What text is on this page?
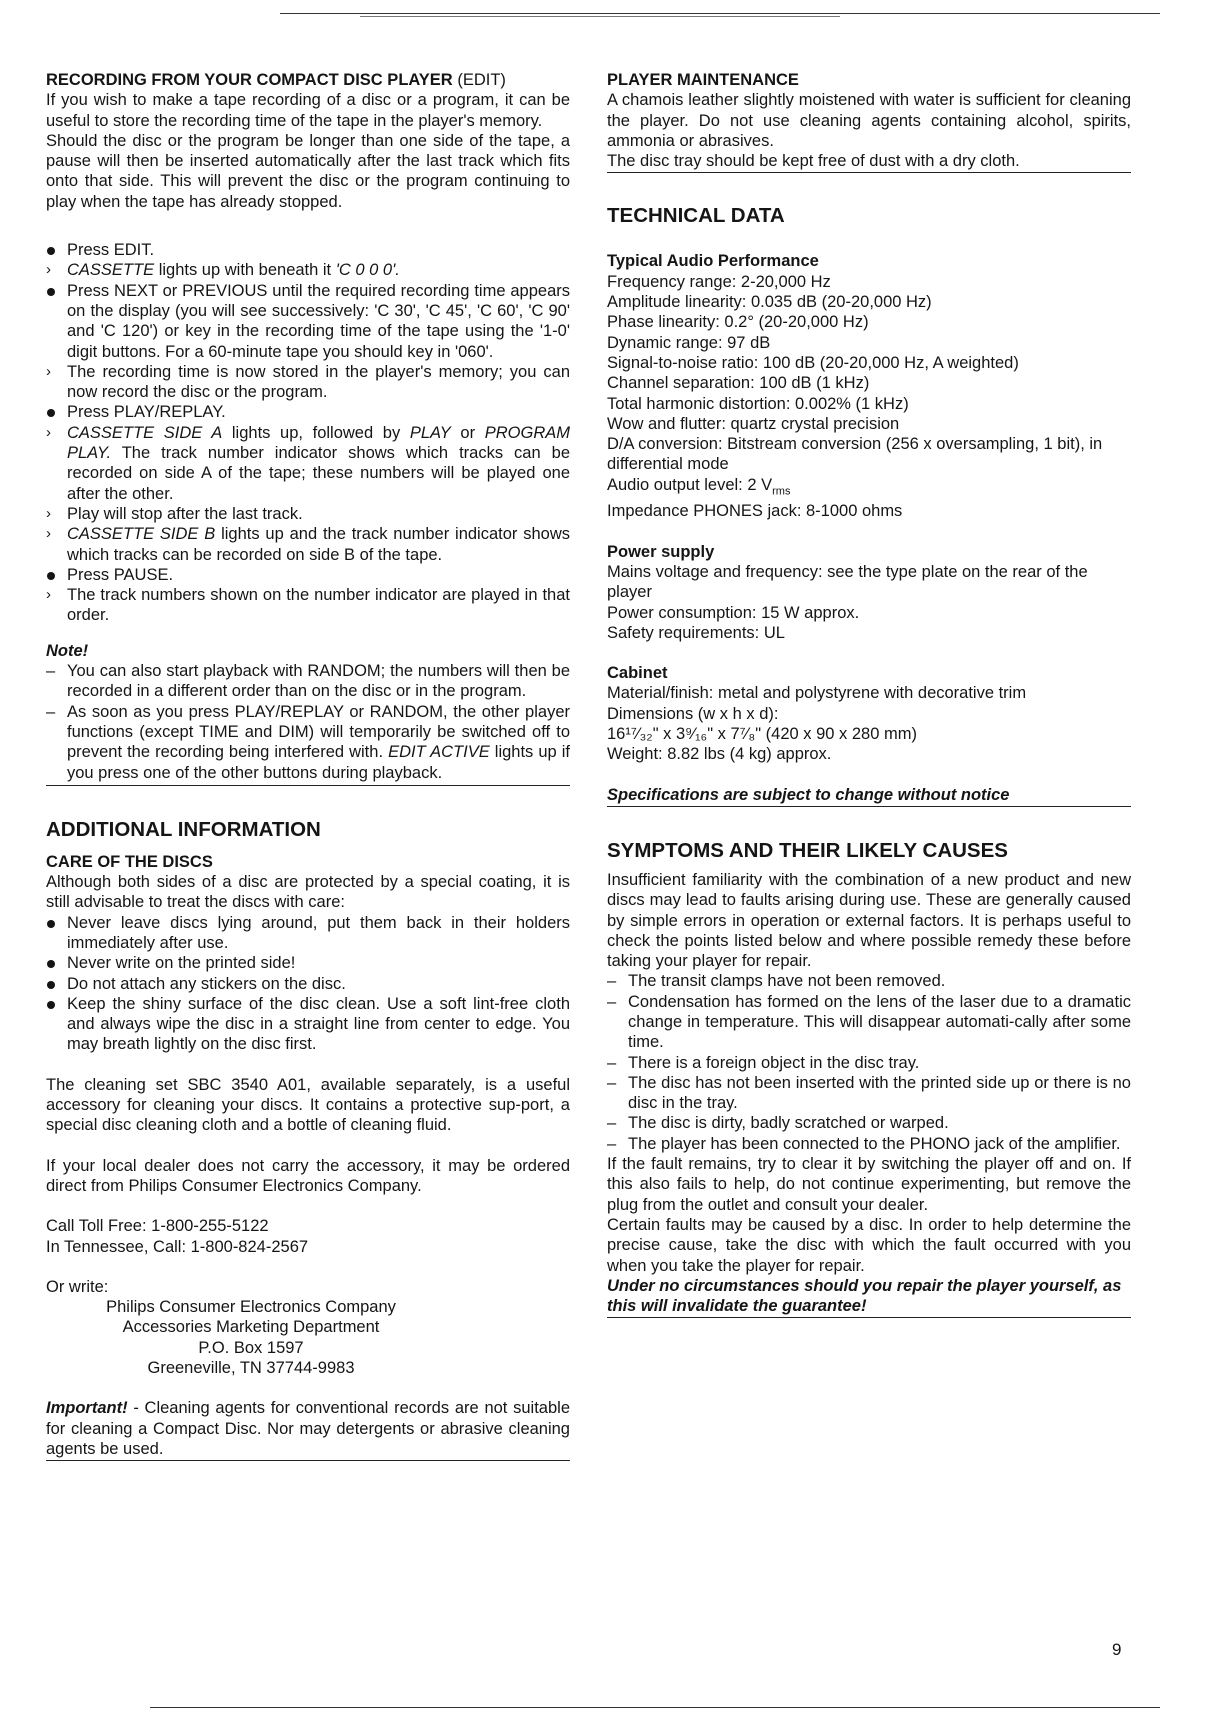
RECORDING FROM YOUR COMPACT DISC PLAYER (EDIT)

If you wish to make a tape recording of a disc or a program, it can be useful to store the recording time of the tape in the player's memory.

Should the disc or the program be longer than one side of the tape, a pause will then be inserted automatically after the last track which fits onto that side. This will prevent the disc or the program continuing to play when the tape has already stopped.

Press EDIT.
› CASSETTE lights up with beneath it 'C 0 0 0'.
Press NEXT or PREVIOUS until the required recording time appears on the display (you will see successively: 'C 30', 'C 45', 'C 60', 'C 90' and 'C 120') or key in the recording time of the tape using the '1-0' digit buttons. For a 60-minute tape you should key in '060'.
› The recording time is now stored in the player's memory; you can now record the disc or the program.
Press PLAY/REPLAY.
› CASSETTE SIDE A lights up, followed by PLAY or PROGRAM PLAY. The track number indicator shows which tracks can be recorded on side A of the tape; these numbers will be played one after the other.
› Play will stop after the last track.
› CASSETTE SIDE B lights up and the track number indicator shows which tracks can be recorded on side B of the tape.
Press PAUSE.
› The track numbers shown on the number indicator are played in that order.

Note!

– You can also start playback with RANDOM; the numbers will then be recorded in a different order than on the disc or in the program.
– As soon as you press PLAY/REPLAY or RANDOM, the other player functions (except TIME and DIM) will temporarily be switched off to prevent the recording being interfered with. EDIT ACTIVE lights up if you press one of the other buttons during playback.

ADDITIONAL INFORMATION

CARE OF THE DISCS

Although both sides of a disc are protected by a special coating, it is still advisable to treat the discs with care:

Never leave discs lying around, put them back in their holders immediately after use.
Never write on the printed side!
Do not attach any stickers on the disc.
Keep the shiny surface of the disc clean. Use a soft lint-free cloth and always wipe the disc in a straight line from center to edge. You may breath lightly on the disc first.

The cleaning set SBC 3540 A01, available separately, is a useful accessory for cleaning your discs. It contains a protective sup-port, a special disc cleaning cloth and a bottle of cleaning fluid.

If your local dealer does not carry the accessory, it may be ordered direct from Philips Consumer Electronics Company.

Call Toll Free: 1-800-255-5122

In Tennessee, Call: 1-800-824-2567

Or write:

Philips Consumer Electronics Company

Accessories Marketing Department

P.O. Box 1597

Greeneville, TN 37744-9983

Important! - Cleaning agents for conventional records are not suitable for cleaning a Compact Disc. Nor may detergents or abrasive cleaning agents be used.

PLAYER MAINTENANCE

A chamois leather slightly moistened with water is sufficient for cleaning the player. Do not use cleaning agents containing alcohol, spirits, ammonia or abrasives.

The disc tray should be kept free of dust with a dry cloth.

TECHNICAL DATA

Typical Audio Performance

Frequency range: 2-20,000 Hz

Amplitude linearity: 0.035 dB (20-20,000 Hz)

Phase linearity: 0.2° (20-20,000 Hz)

Dynamic range: 97 dB

Signal-to-noise ratio: 100 dB (20-20,000 Hz, A weighted)

Channel separation: 100 dB (1 kHz)

Total harmonic distortion: 0.002% (1 kHz)

Wow and flutter: quartz crystal precision

D/A conversion: Bitstream conversion (256 x oversampling, 1 bit), in differential mode

Audio output level: 2 $V_{rms}$

Impedance PHONES jack: 8-1000 ohms

Power supply

Mains voltage and frequency: see the type plate on the rear of the player

Power consumption: 15 W approx.

Safety requirements: UL

Cabinet

Material/finish: metal and polystyrene with decorative trim

Dimensions (w x h x d):

16¹⁷⁄₃₂" x 3⁹⁄₁₆" x 7⁷⁄₈" (420 x 90 x 280 mm)

Weight: 8.82 lbs (4 kg) approx.

Specifications are subject to change without notice

SYMPTOMS AND THEIR LIKELY CAUSES

Insufficient familiarity with the combination of a new product and new discs may lead to faults arising during use. These are generally caused by simple errors in operation or external factors. It is perhaps useful to check the points listed below and where possible remedy these before taking your player for repair.

– The transit clamps have not been removed.
– Condensation has formed on the lens of the laser due to a dramatic change in temperature. This will disappear automati-cally after some time.
– There is a foreign object in the disc tray.
– The disc has not been inserted with the printed side up or there is no disc in the tray.
– The disc is dirty, badly scratched or warped.
– The player has been connected to the PHONO jack of the amplifier.

If the fault remains, try to clear it by switching the player off and on. If this also fails to help, do not continue experimenting, but remove the plug from the outlet and consult your dealer.

Certain faults may be caused by a disc. In order to help determine the precise cause, take the disc with which the fault occurred with you when you take the player for repair.

Under no circumstances should you repair the player yourself, as this will invalidate the guarantee!

9
